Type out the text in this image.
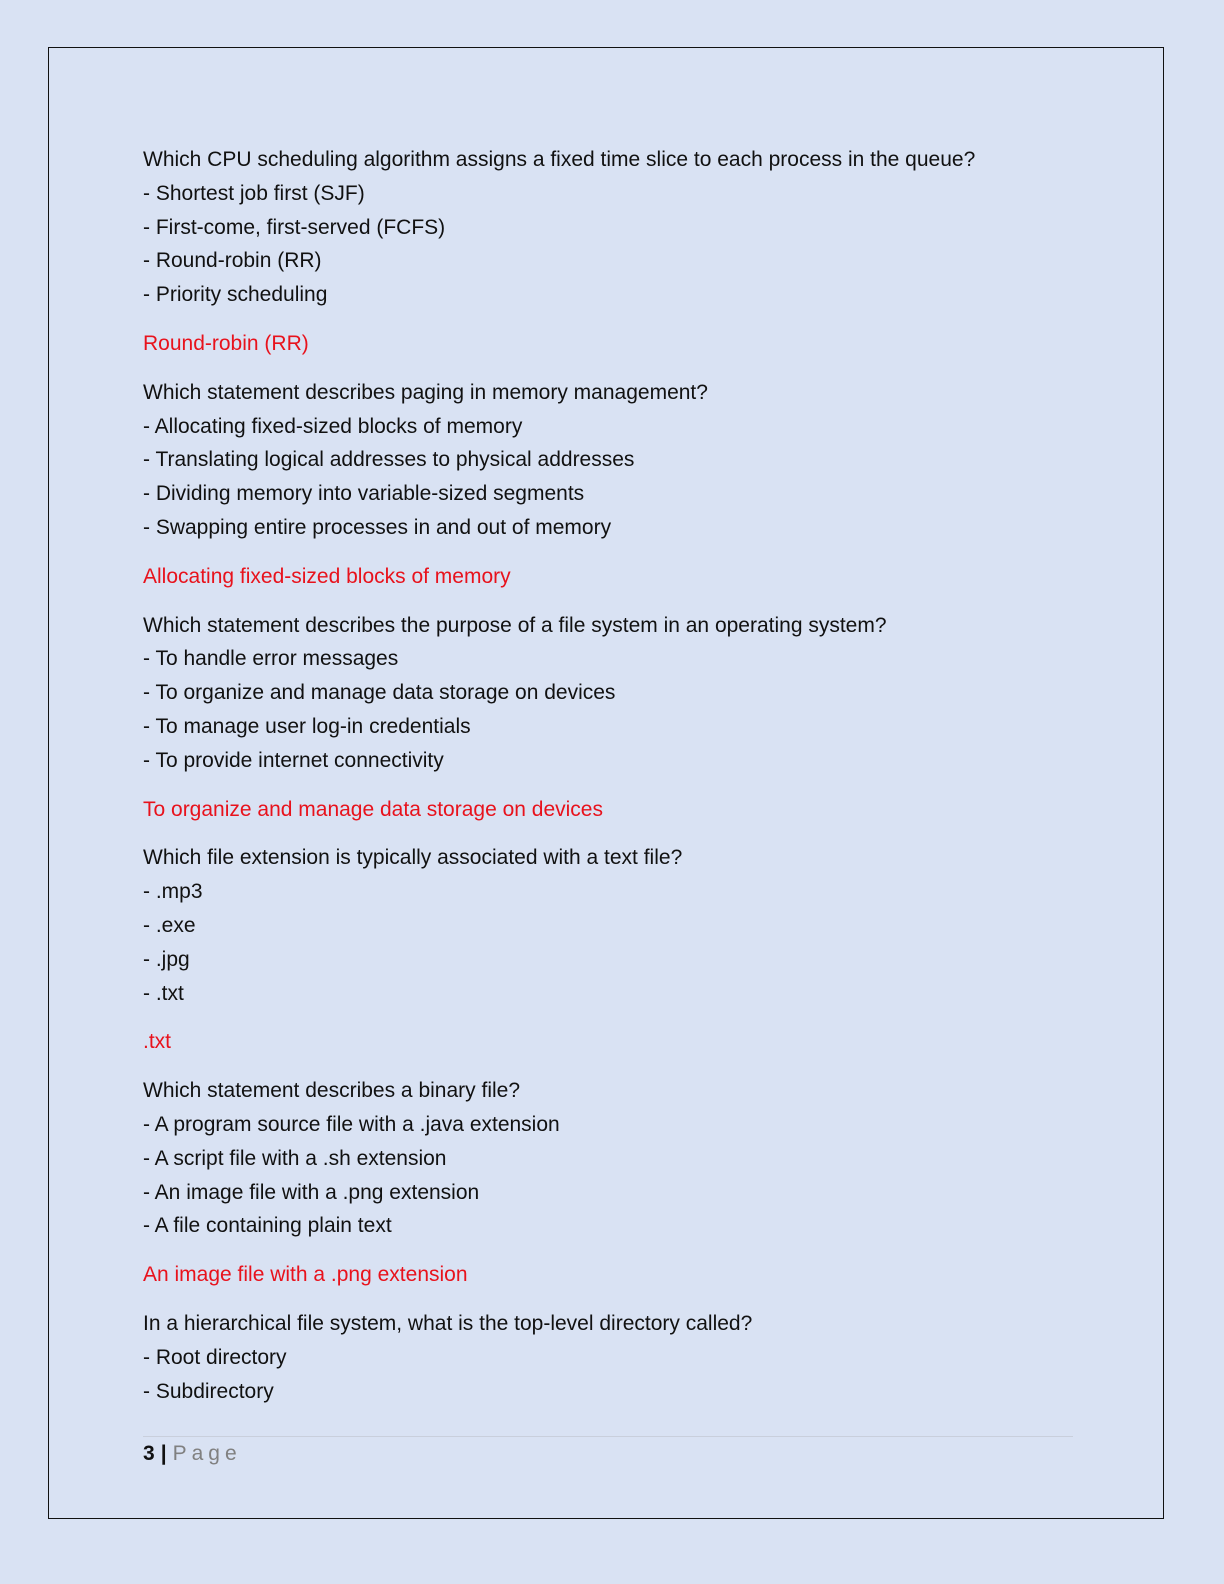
Which CPU scheduling algorithm assigns a fixed time slice to each process in the queue?
- Shortest job first (SJF)
- First-come, first-served (FCFS)
- Round-robin (RR)
- Priority scheduling
Round-robin (RR)
Which statement describes paging in memory management?
- Allocating fixed-sized blocks of memory
- Translating logical addresses to physical addresses
- Dividing memory into variable-sized segments
- Swapping entire processes in and out of memory
Allocating fixed-sized blocks of memory
Which statement describes the purpose of a file system in an operating system?
- To handle error messages
- To organize and manage data storage on devices
- To manage user log-in credentials
- To provide internet connectivity
To organize and manage data storage on devices
Which file extension is typically associated with a text file?
- .mp3
- .exe
- .jpg
- .txt
.txt
Which statement describes a binary file?
- A program source file with a .java extension
- A script file with a .sh extension
- An image file with a .png extension
- A file containing plain text
An image file with a .png extension
In a hierarchical file system, what is the top-level directory called?
- Root directory
- Subdirectory
3 | Page
